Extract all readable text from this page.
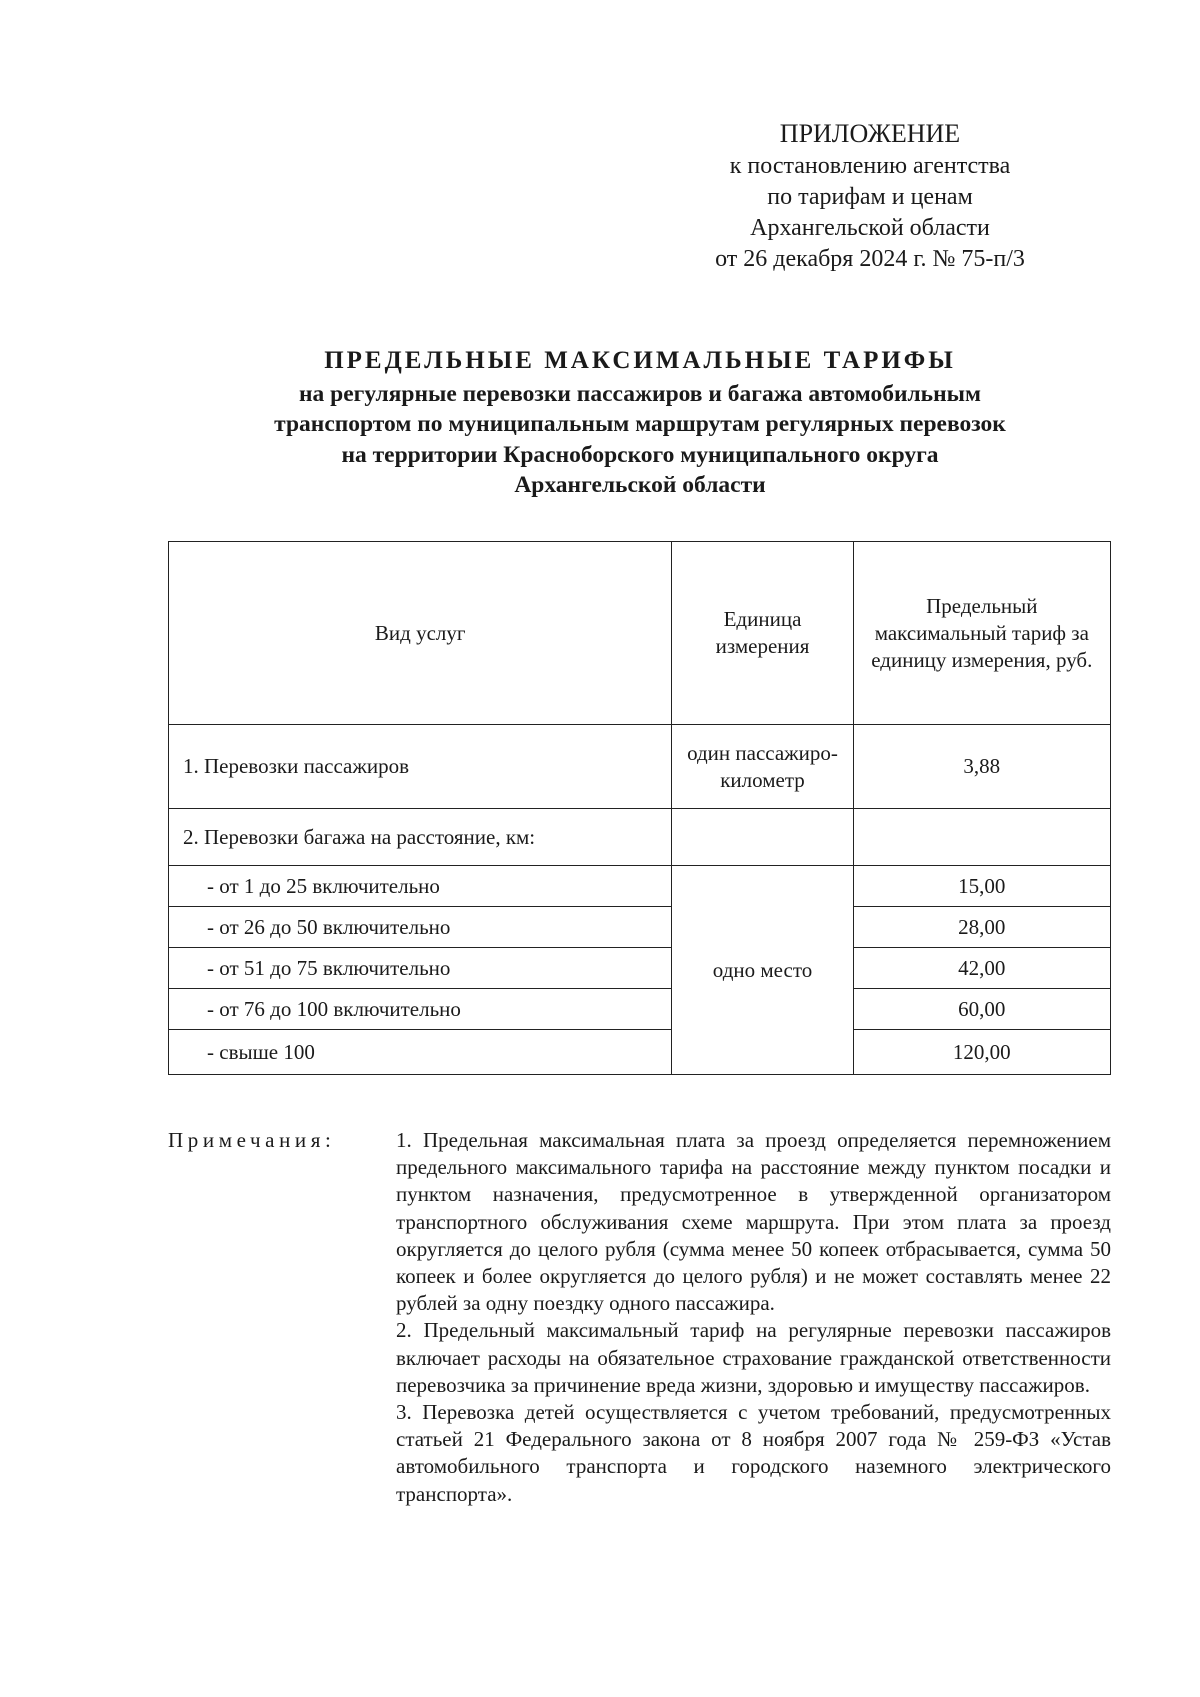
ПРИЛОЖЕНИЕ
к постановлению агентства
по тарифам и ценам
Архангельской области
от 26 декабря 2024 г. № 75-п/3
ПРЕДЕЛЬНЫЕ МАКСИМАЛЬНЫЕ ТАРИФЫ
на регулярные перевозки пассажиров и багажа автомобильным
транспортом по муниципальным маршрутам регулярных перевозок
на территории Красноборского муниципального округа
Архангельской области
Вид услуг	Единица измерения	Предельный максимальный тариф за единицу измерения, руб.
1. Перевозки пассажиров	один пассажиро-километр	3,88
2. Перевозки багажа на расстояние, км:		
- от 1 до 25 включительно	одно место	15,00
- от 26 до 50 включительно		28,00
- от 51 до 75 включительно		42,00
- от 76 до 100 включительно		60,00
- свыше 100		120,00
Примечания:	1. Предельная максимальная плата за проезд определяется перемножением предельного максимального тарифа на расстояние между пунктом посадки и пунктом назначения, предусмотренное в утвержденной организатором транспортного обслуживания схеме маршрута. При этом плата за проезд округляется до целого рубля (сумма менее 50 копеек отбрасывается, сумма 50 копеек и более округляется до целого рубля) и не может составлять менее 22 рублей за одну поездку одного пассажира.

2. Предельный максимальный тариф на регулярные перевозки пассажиров включает расходы на обязательное страхование гражданской ответственности перевозчика за причинение вреда жизни, здоровью и имуществу пассажиров.

3. Перевозка детей осуществляется с учетом требований, предусмотренных статьей 21 Федерального закона от 8 ноября 2007 года № 259-ФЗ «Устав автомобильного транспорта и городского наземного электрического транспорта».
